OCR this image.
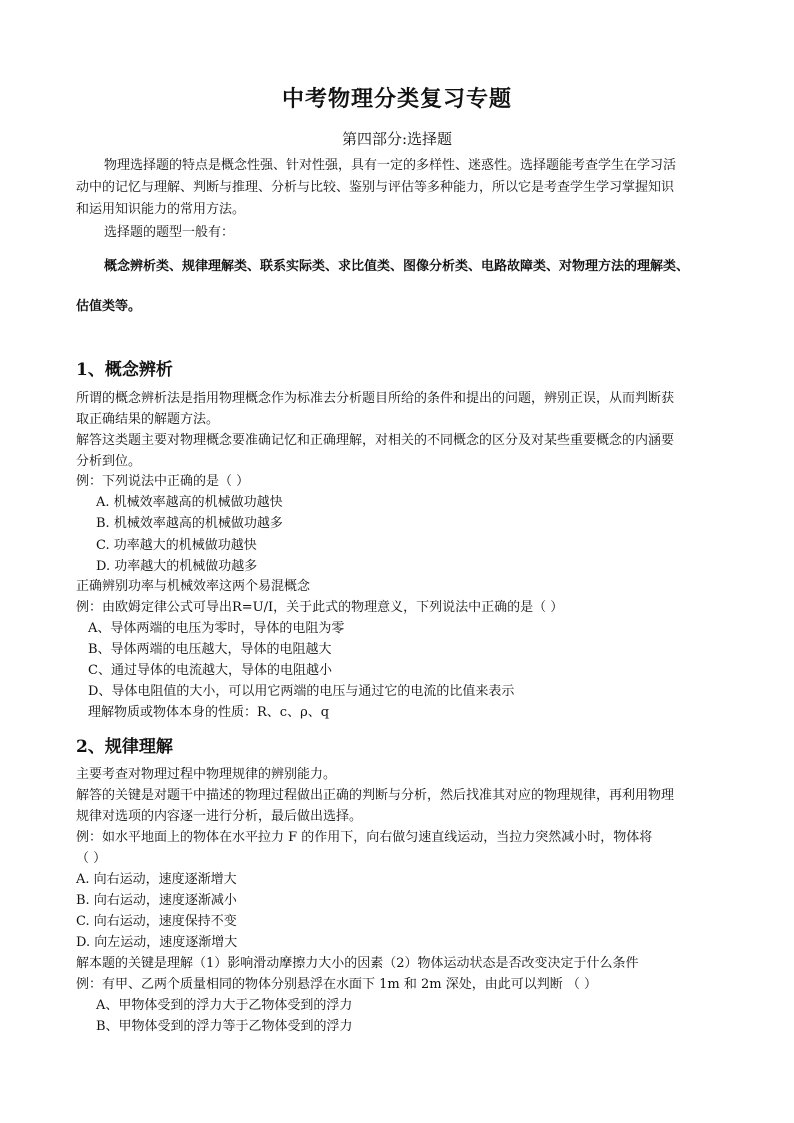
中考物理分类复习专题
第四部分:选择题
物理选择题的特点是概念性强、针对性强，具有一定的多样性、迷惑性。选择题能考查学生在学习活
动中的记忆与理解、判断与推理、分析与比较、鉴别与评估等多种能力，所以它是考查学生学习掌握知识
和运用知识能力的常用方法。
选择题的题型一般有：
概念辨析类、规律理解类、联系实际类、求比值类、图像分析类、电路故障类、对物理方法的理解类、
估值类等。
1、概念辨析
所谓的概念辨析法是指用物理概念作为标准去分析题目所给的条件和提出的问题，辨别正误，从而判断获
取正确结果的解题方法。
解答这类题主要对物理概念要准确记忆和正确理解，对相关的不同概念的区分及对某些重要概念的内涵要
分析到位。
例：下列说法中正确的是（ ）
A. 机械效率越高的机械做功越快
B. 机械效率越高的机械做功越多
C. 功率越大的机械做功越快
D. 功率越大的机械做功越多
正确辨别功率与机械效率这两个易混概念
例：由欧姆定律公式可导出R=U/I，关于此式的物理意义，下列说法中正确的是（ ）
A、导体两端的电压为零时，导体的电阻为零
B、导体两端的电压越大，导体的电阻越大
C、通过导体的电流越大，导体的电阻越小
D、导体电阻值的大小，可以用它两端的电压与通过它的电流的比值来表示
理解物质或物体本身的性质：R、c、ρ、q
2、规律理解
主要考查对物理过程中物理规律的辨别能力。
解答的关键是对题干中描述的物理过程做出正确的判断与分析，然后找准其对应的物理规律，再利用物理
规律对选项的内容逐一进行分析，最后做出选择。
例：如水平地面上的物体在水平拉力 F 的作用下，向右做匀速直线运动，当拉力突然减小时，物体将
（ ）
A. 向右运动，速度逐渐增大
B. 向右运动，速度逐渐减小
C. 向右运动，速度保持不变
D. 向左运动，速度逐渐增大
解本题的关键是理解（1）影响滑动摩擦力大小的因素（2）物体运动状态是否改变决定于什么条件
例：有甲、乙两个质量相同的物体分别悬浮在水面下 1m 和 2m 深处，由此可以判断 （ ）
A、甲物体受到的浮力大于乙物体受到的浮力
B、甲物体受到的浮力等于乙物体受到的浮力
